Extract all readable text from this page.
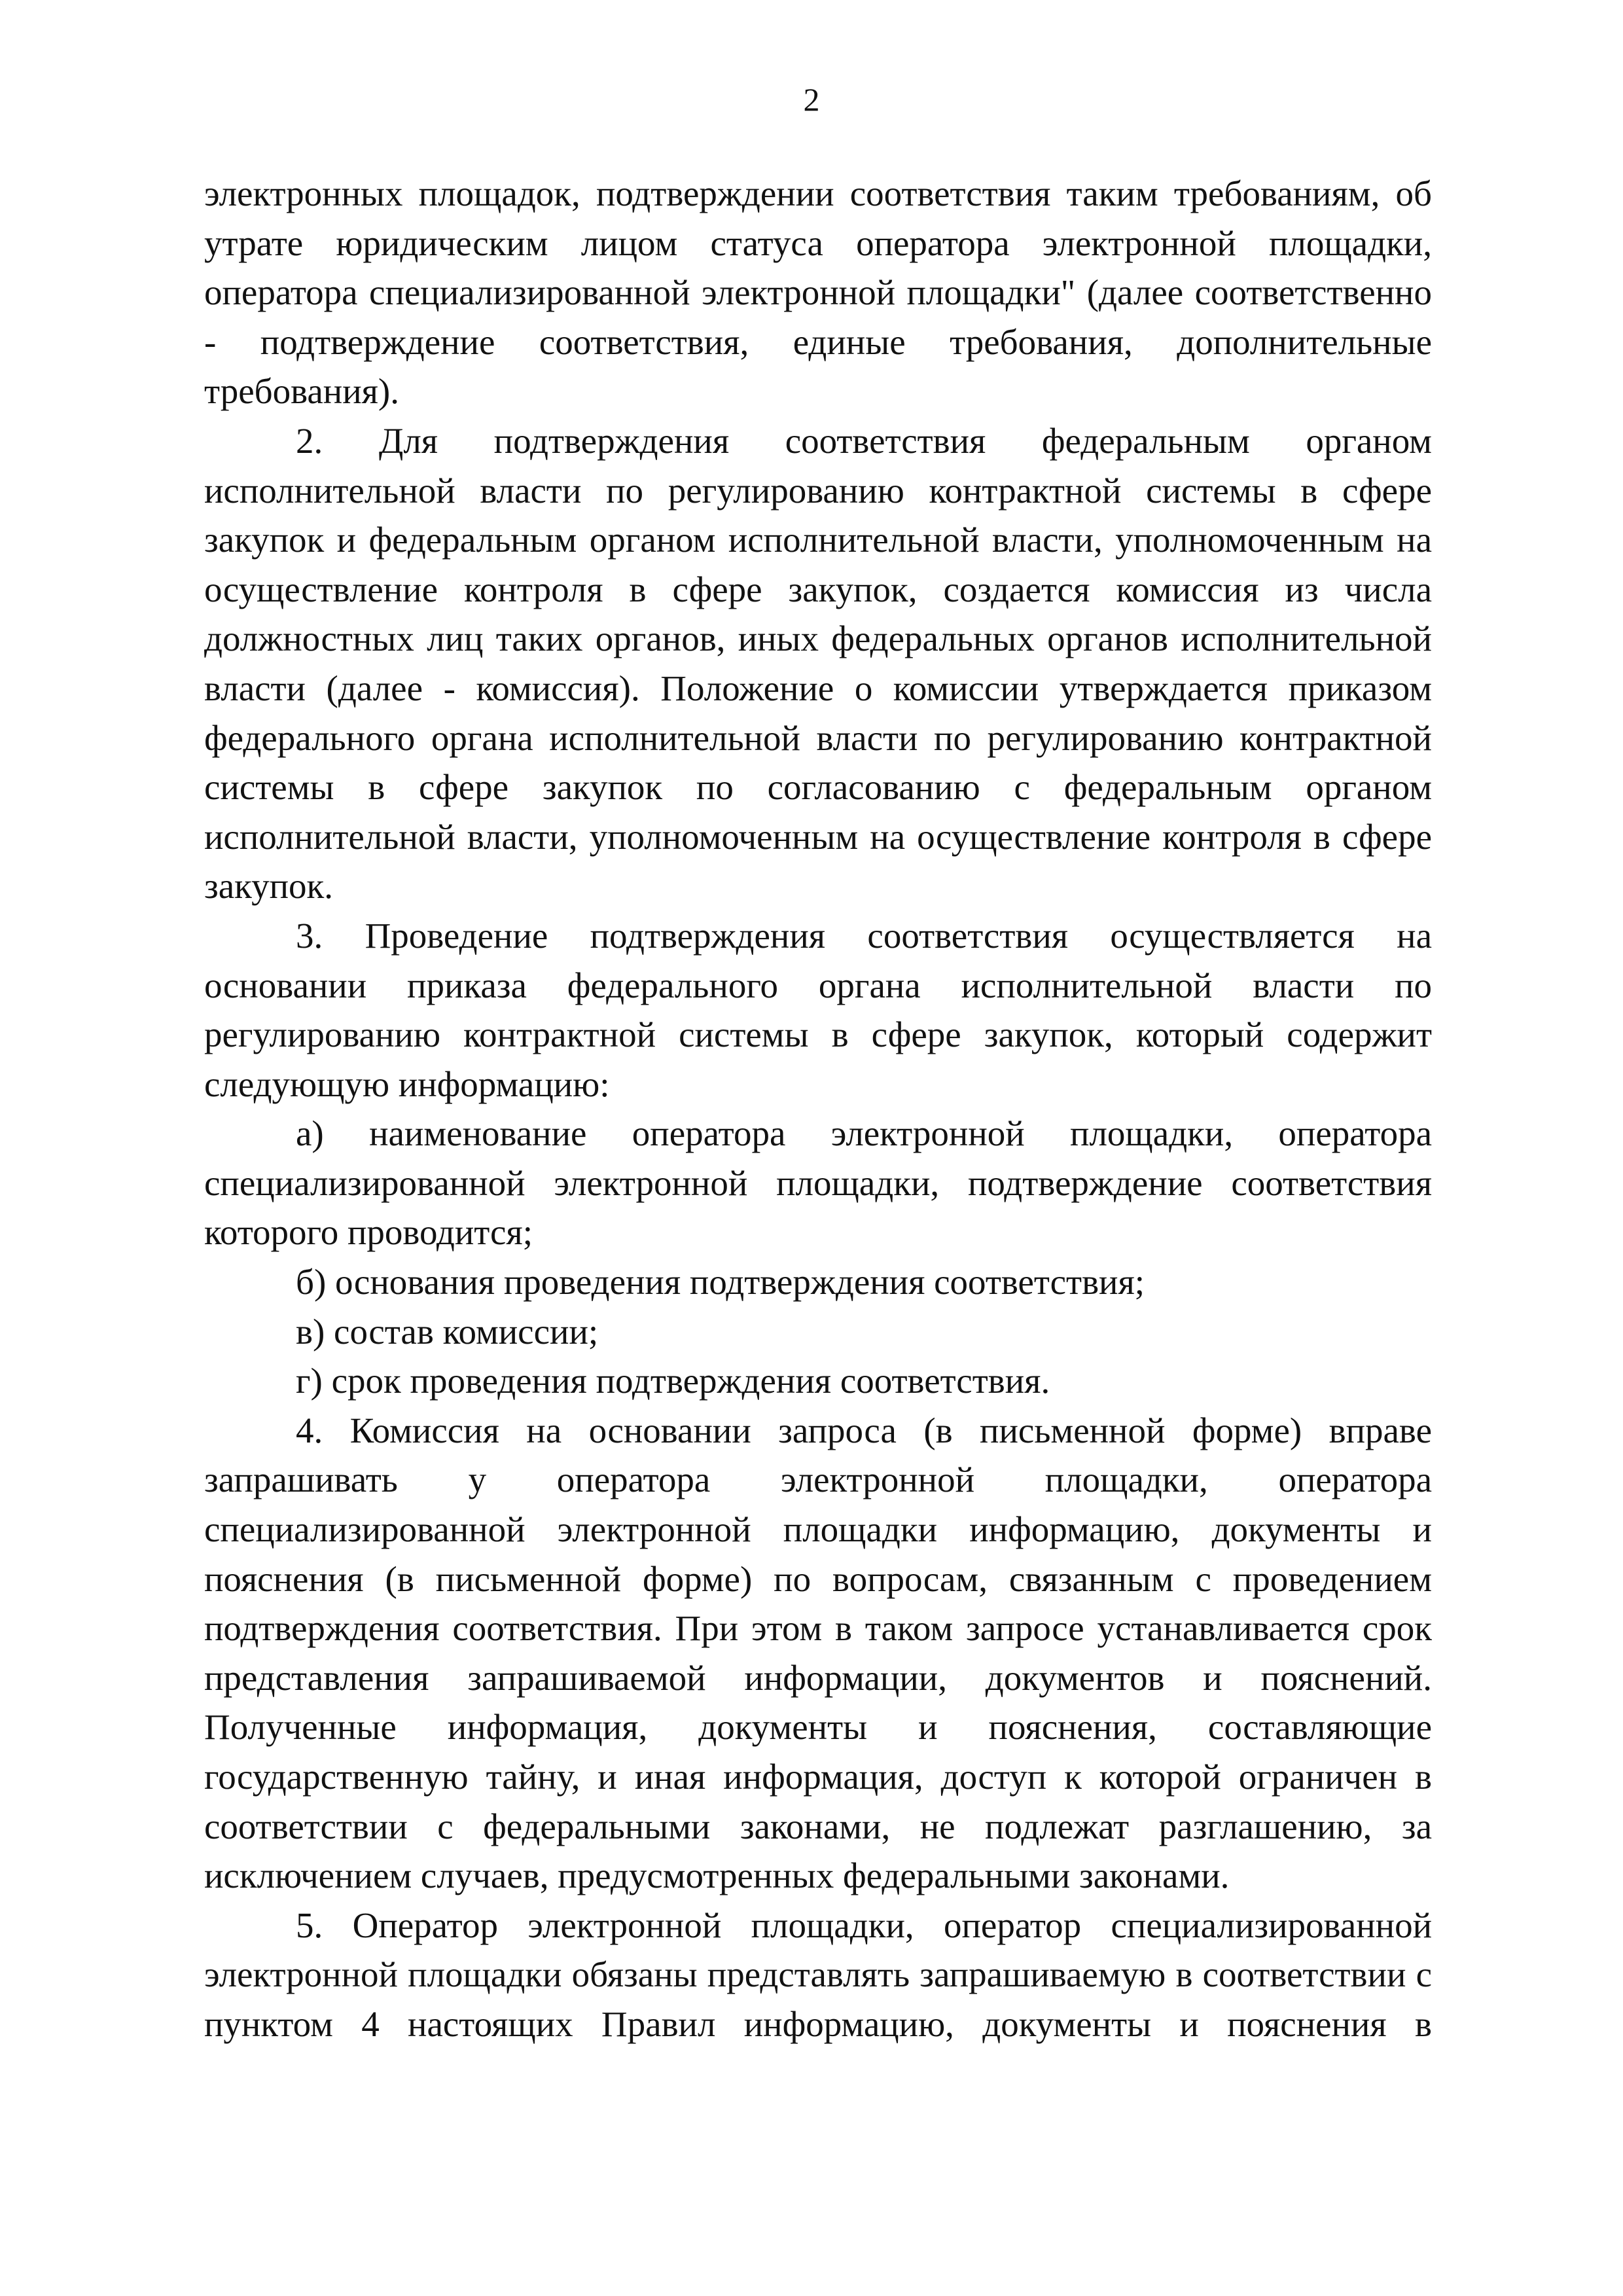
2

электронных площадок, подтверждении соответствия таким требованиям, об утрате юридическим лицом статуса оператора электронной площадки, оператора специализированной электронной площадки" (далее соответственно - подтверждение соответствия, единые требования, дополнительные требования).

2. Для подтверждения соответствия федеральным органом исполнительной власти по регулированию контрактной системы в сфере закупок и федеральным органом исполнительной власти, уполномоченным на осуществление контроля в сфере закупок, создается комиссия из числа должностных лиц таких органов, иных федеральных органов исполнительной власти (далее - комиссия). Положение о комиссии утверждается приказом федерального органа исполнительной власти по регулированию контрактной системы в сфере закупок по согласованию с федеральным органом исполнительной власти, уполномоченным на осуществление контроля в сфере закупок.

3. Проведение подтверждения соответствия осуществляется на основании приказа федерального органа исполнительной власти по регулированию контрактной системы в сфере закупок, который содержит следующую информацию:

а) наименование оператора электронной площадки, оператора специализированной электронной площадки, подтверждение соответствия которого проводится;

б) основания проведения подтверждения соответствия;

в) состав комиссии;

г) срок проведения подтверждения соответствия.

4. Комиссия на основании запроса (в письменной форме) вправе запрашивать у оператора электронной площадки, оператора специализированной электронной площадки информацию, документы и пояснения (в письменной форме) по вопросам, связанным с проведением подтверждения соответствия. При этом в таком запросе устанавливается срок представления запрашиваемой информации, документов и пояснений. Полученные информация, документы и пояснения, составляющие государственную тайну, и иная информация, доступ к которой ограничен в соответствии с федеральными законами, не подлежат разглашению, за исключением случаев, предусмотренных федеральными законами.

5. Оператор электронной площадки, оператор специализированной электронной площадки обязаны представлять запрашиваемую в соответствии с пунктом 4 настоящих Правил информацию, документы и пояснения в
